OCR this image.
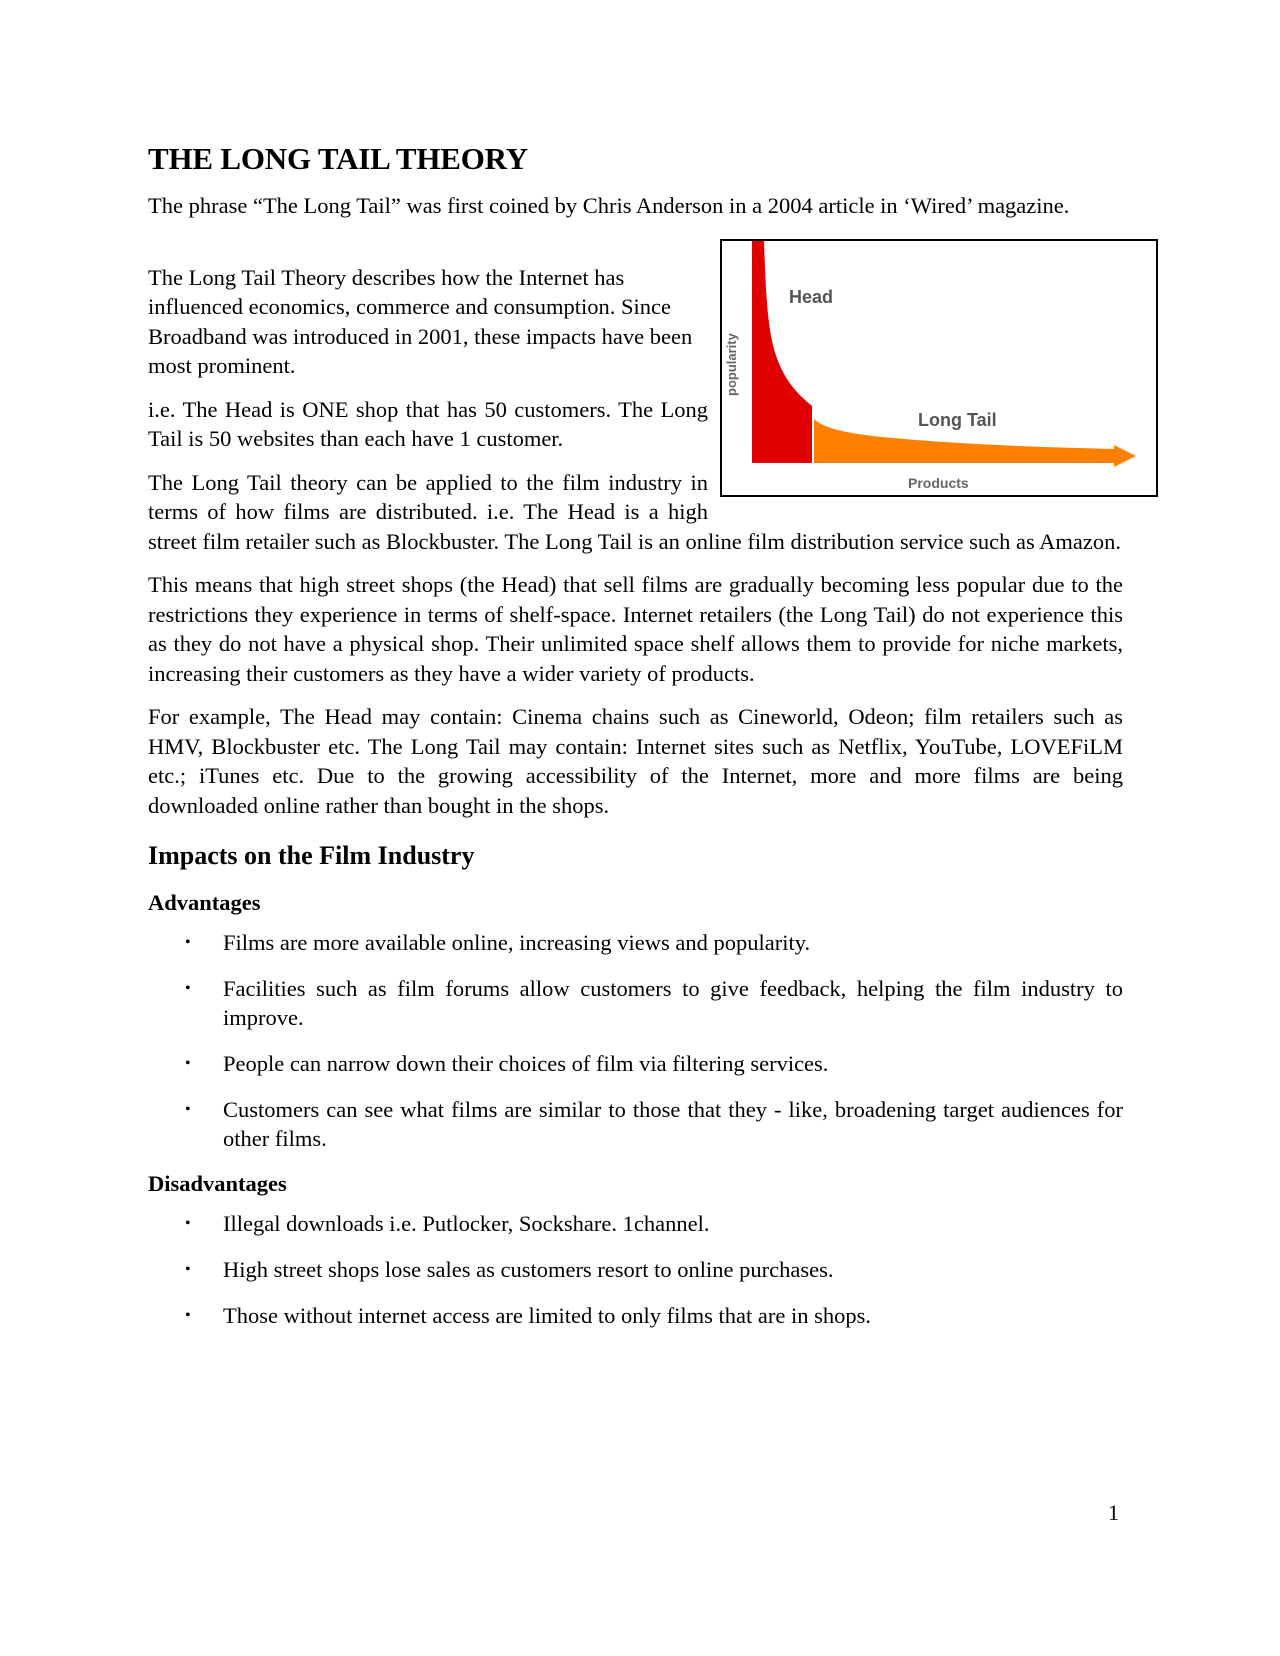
THE LONG TAIL THEORY

The phrase “The Long Tail” was first coined by Chris Anderson in a 2004 article in ‘Wired’ magazine.

Head
Long Tail
popularity
Products

The Long Tail Theory describes how the Internet has influenced economics, commerce and consumption. Since Broadband was introduced in 2001, these impacts have been most prominent.

i.e. The Head is ONE shop that has 50 customers. The Long Tail is 50 websites than each have 1 customer.

The Long Tail theory can be applied to the film industry in terms of how films are distributed. i.e. The Head is a high street film retailer such as Blockbuster. The Long Tail is an online film distribution service such as Amazon.

This means that high street shops (the Head) that sell films are gradually becoming less popular due to the restrictions they experience in terms of shelf-space. Internet retailers (the Long Tail) do not experience this as they do not have a physical shop. Their unlimited space shelf allows them to provide for niche markets, increasing their customers as they have a wider variety of products.

For example, The Head may contain: Cinema chains such as Cineworld, Odeon; film retailers such as HMV, Blockbuster etc. The Long Tail may contain: Internet sites such as Netflix, YouTube, LOVEFiLM etc.; iTunes etc. Due to the growing accessibility of the Internet, more and more films are being downloaded online rather than bought in the shops.

Impacts on the Film Industry
Advantages
• Films are more available online, increasing views and popularity.
• Facilities such as film forums allow customers to give feedback, helping the film industry to improve.
• People can narrow down their choices of film via filtering services.
• Customers can see what films are similar to those that they - like, broadening target audiences for other films.
Disadvantages
• Illegal downloads i.e. Putlocker, Sockshare. 1channel.
• High street shops lose sales as customers resort to online purchases.
• Those without internet access are limited to only films that are in shops.
1
